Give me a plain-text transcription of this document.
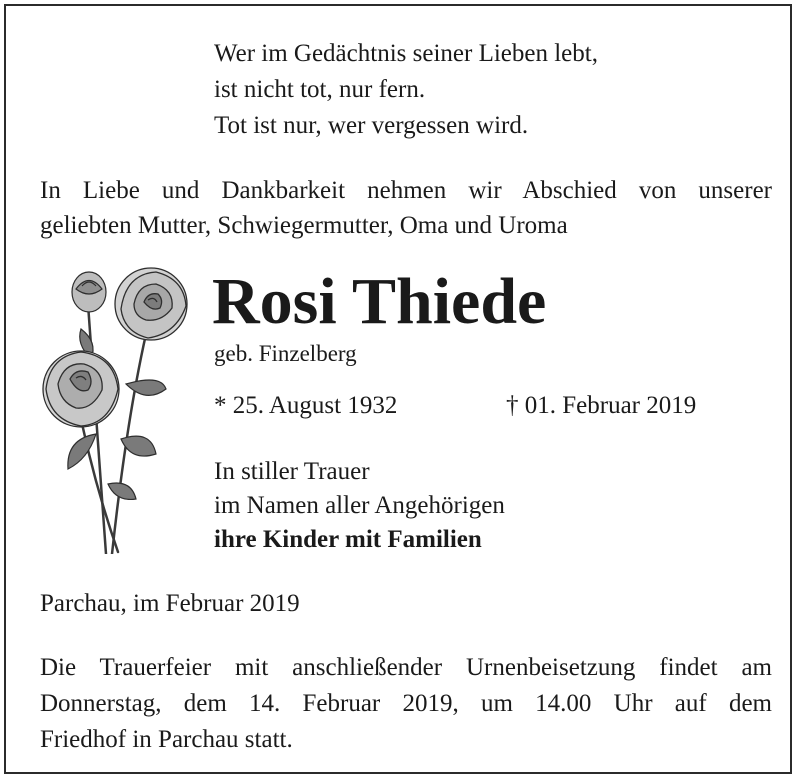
Wer im Gedächtnis seiner Lieben lebt,
ist nicht tot, nur fern.
Tot ist nur, wer vergessen wird.
In Liebe und Dankbarkeit nehmen wir Abschied von unserer
geliebten Mutter, Schwiegermutter, Oma und Uroma
Rosi Thiede
geb. Finzelberg
* 25. August 1932	† 01. Februar 2019
In stiller Trauer
im Namen aller Angehörigen
ihre Kinder mit Familien
Parchau, im Februar 2019
Die Trauerfeier mit anschließender Urnenbeisetzung findet am
Donnerstag, dem 14. Februar 2019, um 14.00 Uhr auf dem
Friedhof in Parchau statt.
